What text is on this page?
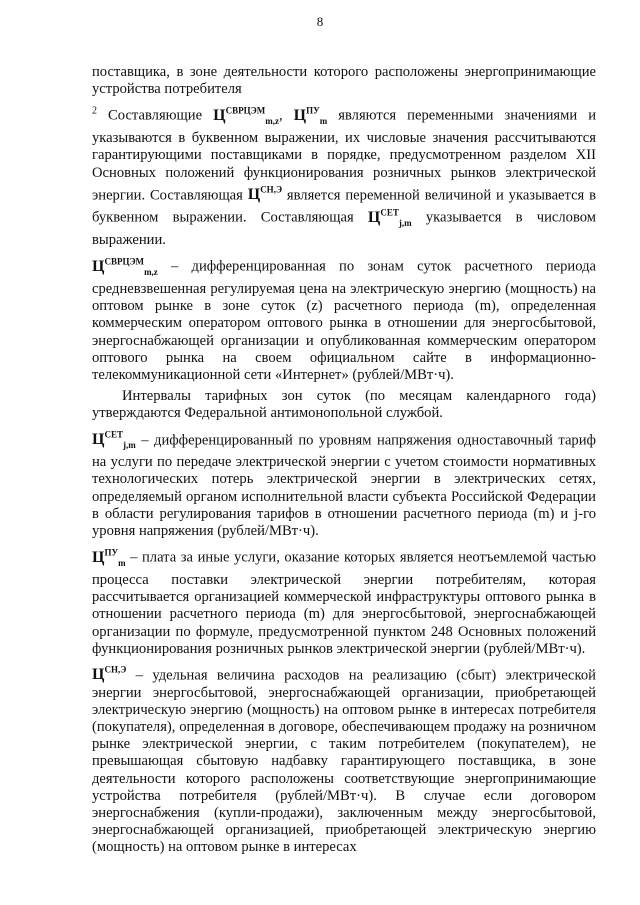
8

поставщика, в зоне деятельности которого расположены энергопринимающие устройства потребителя

$^2$ Составляющие $Ц^{СВРЦЭМ}_{m,z}$, $Ц^{ПУ}_m$ являются переменными значениями и указываются в буквенном выражении, их числовые значения рассчитываются гарантирующими поставщиками в порядке, предусмотренном разделом XII Основных положений функционирования розничных рынков электрической энергии. Составляющая $Ц^{СН,Э}$ является переменной величиной и указывается в буквенном выражении. Составляющая $Ц^{СЕТ}_{j,m}$ указывается в числовом выражении.

$Ц^{СВРЦЭМ}_{m,z}$ – дифференцированная по зонам суток расчетного периода средневзвешенная регулируемая цена на электрическую энергию (мощность) на оптовом рынке в зоне суток (z) расчетного периода (m), определенная коммерческим оператором оптового рынка в отношении для энергосбытовой, энергоснабжающей организации и опубликованная коммерческим оператором оптового рынка на своем официальном сайте в информационно-телекоммуникационной сети «Интернет» (рублей/МВт·ч).

Интервалы тарифных зон суток (по месяцам календарного года) утверждаются Федеральной антимонопольной службой.

$Ц^{СЕТ}_{j,m}$ – дифференцированный по уровням напряжения одноставочный тариф на услуги по передаче электрической энергии с учетом стоимости нормативных технологических потерь электрической энергии в электрических сетях, определяемый органом исполнительной власти субъекта Российской Федерации в области регулирования тарифов в отношении расчетного периода (m) и j-го уровня напряжения (рублей/МВт·ч).

$Ц^{ПУ}_m$ – плата за иные услуги, оказание которых является неотъемлемой частью процесса поставки электрической энергии потребителям, которая рассчитывается организацией коммерческой инфраструктуры оптового рынка в отношении расчетного периода (m) для энергосбытовой, энергоснабжающей организации по формуле, предусмотренной пунктом 248 Основных положений функционирования розничных рынков электрической энергии (рублей/МВт·ч).

$Ц^{СН,Э}$ – удельная величина расходов на реализацию (сбыт) электрической энергии энергосбытовой, энергоснабжающей организации, приобретающей электрическую энергию (мощность) на оптовом рынке в интересах потребителя (покупателя), определенная в договоре, обеспечивающем продажу на розничном рынке электрической энергии, с таким потребителем (покупателем), не превышающая сбытовую надбавку гарантирующего поставщика, в зоне деятельности которого расположены соответствующие энергопринимающие устройства потребителя (рублей/МВт·ч). В случае если договором энергоснабжения (купли-продажи), заключенным между энергосбытовой, энергоснабжающей организацией, приобретающей электрическую энергию (мощность) на оптовом рынке в интересах
